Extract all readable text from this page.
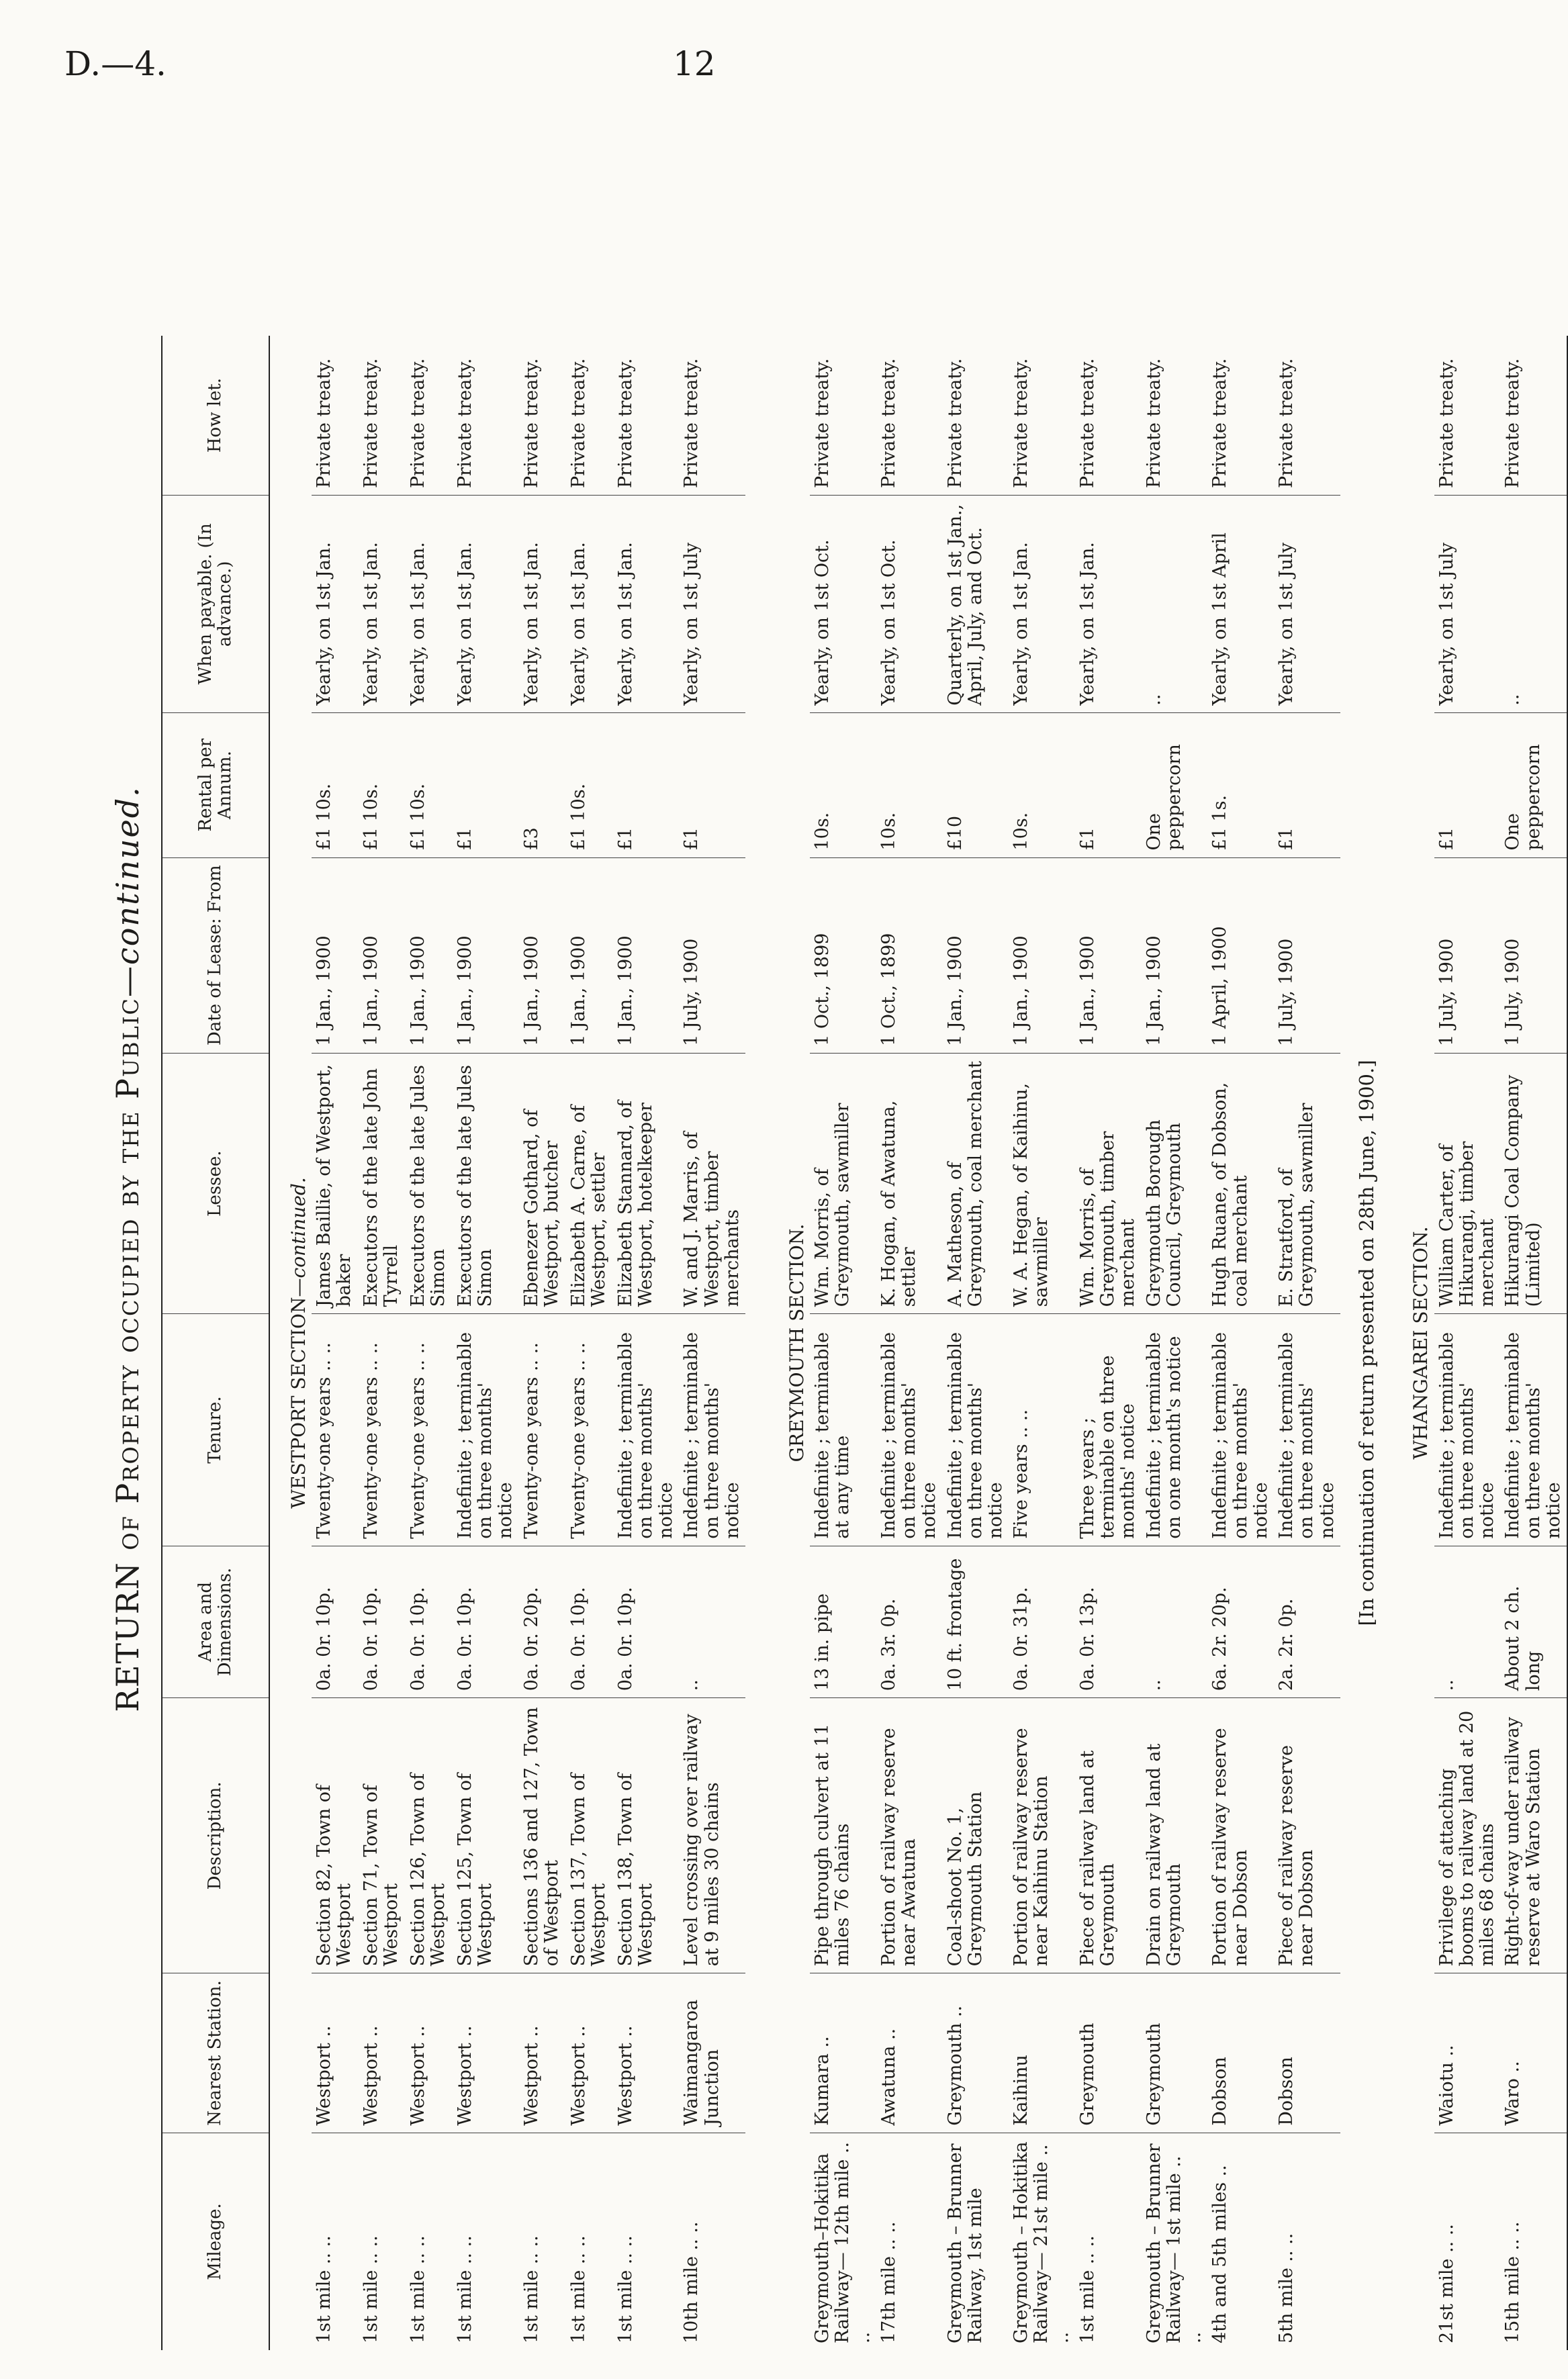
D.—4.	12
RETURN of Property occupied by the Public—continued.
Mileage.	Nearest Station.	Description.	Area and Dimensions.	Tenure.	Lessee.	Date of Lease: From	Rental per Annum.	When payable. (In advance.)	How let.
WESTPORT SECTION—continued.									
1st mile .. ..	Westport ..	Section 82, Town of Westport	0a. 0r. 10p.	Twenty-one years .. ..	James Baillie, of Westport, baker	1 Jan., 1900	£1 10s.	Yearly, on 1st Jan.	Private treaty.
1st mile .. ..	Westport ..	Section 71, Town of Westport	0a. 0r. 10p.	Twenty-one years .. ..	Executors of the late John Tyrrell	1 Jan., 1900	£1 10s.	Yearly, on 1st Jan.	Private treaty.
1st mile .. ..	Westport ..	Section 126, Town of Westport	0a. 0r. 10p.	Twenty-one years .. ..	Executors of the late Jules Simon	1 Jan., 1900	£1 10s.	Yearly, on 1st Jan.	Private treaty.
1st mile .. ..	Westport ..	Section 125, Town of Westport	0a. 0r. 10p.	Indefinite ; terminable on three months' notice	Executors of the late Jules Simon	1 Jan., 1900	£1	Yearly, on 1st Jan.	Private treaty.
1st mile .. ..	Westport ..	Sections 136 and 127, Town of Westport	0a. 0r. 20p.	Twenty-one years .. ..	Ebenezer Gothard, of Westport, butcher	1 Jan., 1900	£3	Yearly, on 1st Jan.	Private treaty.
1st mile .. ..	Westport ..	Section 137, Town of Westport	0a. 0r. 10p.	Twenty-one years .. ..	Elizabeth A. Carne, of Westport, settler	1 Jan., 1900	£1 10s.	Yearly, on 1st Jan.	Private treaty.
1st mile .. ..	Westport ..	Section 138, Town of Westport	0a. 0r. 10p.	Indefinite ; terminable on three months' notice	Elizabeth Stannard, of Westport, hotelkeeper	1 Jan., 1900	£1	Yearly, on 1st Jan.	Private treaty.
10th mile .. ..	Waimangaroa Junction	Level crossing over railway at 9 miles 30 chains	..	Indefinite ; terminable on three months' notice	W. and J. Marris, of Westport, timber merchants	1 July, 1900	£1	Yearly, on 1st July	Private treaty.

GREYMOUTH SECTION.									
Greymouth–Hokitika Railway— 12th mile .. ..	Kumara ..	Pipe through culvert at 11 miles 76 chains	13 in. pipe	Indefinite ; terminable at any time	Wm. Morris, of Greymouth, sawmiller	1 Oct., 1899	10s.	Yearly, on 1st Oct.	Private treaty.
17th mile .. ..	Awatuna ..	Portion of railway reserve near Awatuna	0a. 3r. 0p.	Indefinite ; terminable on three months' notice	K. Hogan, of Awatuna, settler	1 Oct., 1899	10s.	Yearly, on 1st Oct.	Private treaty.
Greymouth – Brunner Railway, 1st mile	Greymouth ..	Coal-shoot No. 1, Greymouth Station	10 ft. frontage	Indefinite ; terminable on three months' notice	A. Matheson, of Greymouth, coal merchant	1 Jan., 1900	£10	Quarterly, on 1st Jan., April, July, and Oct.	Private treaty.
Greymouth – Hokitika Railway— 21st mile .. ..	Kaihinu	Portion of railway reserve near Kaihinu Station	0a. 0r. 31p.	Five years .. ..	W. A. Hegan, of Kaihinu, sawmiller	1 Jan., 1900	10s.	Yearly, on 1st Jan.	Private treaty.
1st mile .. ..	Greymouth	Piece of railway land at Greymouth	0a. 0r. 13p.	Three years ; terminable on three months' notice	Wm. Morris, of Greymouth, timber merchant	1 Jan., 1900	£1	Yearly, on 1st Jan.	Private treaty.
Greymouth – Brunner Railway— 1st mile .. ..	Greymouth	Drain on railway land at Greymouth	..	Indefinite ; terminable on one month's notice	Greymouth Borough Council, Greymouth	1 Jan., 1900	One peppercorn	..	Private treaty.
4th and 5th miles ..	Dobson	Portion of railway reserve near Dobson	6a. 2r. 20p.	Indefinite ; terminable on three months' notice	Hugh Ruane, of Dobson, coal merchant	1 April, 1900	£1 1s.	Yearly, on 1st April	Private treaty.
5th mile .. ..	Dobson	Piece of railway reserve near Dobson	2a. 2r. 0p.	Indefinite ; terminable on three months' notice	E. Stratford, of Greymouth, sawmiller	1 July, 1900	£1	Yearly, on 1st July	Private treaty.
[In continuation of return presented on 28th June, 1900.]									
WHANGAREI SECTION.									
21st mile .. ..	Waiotu ..	Privilege of attaching booms to railway land at 20 miles 68 chains	..	Indefinite ; terminable on three months' notice	William Carter, of Hikurangi, timber merchant	1 July, 1900	£1	Yearly, on 1st July	Private treaty.
15th mile .. ..	Waro ..	Right-of-way under railway reserve at Waro Station	About 2 ch. long	Indefinite ; terminable on three months' notice	Hikurangi Coal Company (Limited)	1 July, 1900	One peppercorn	..	Private treaty.
